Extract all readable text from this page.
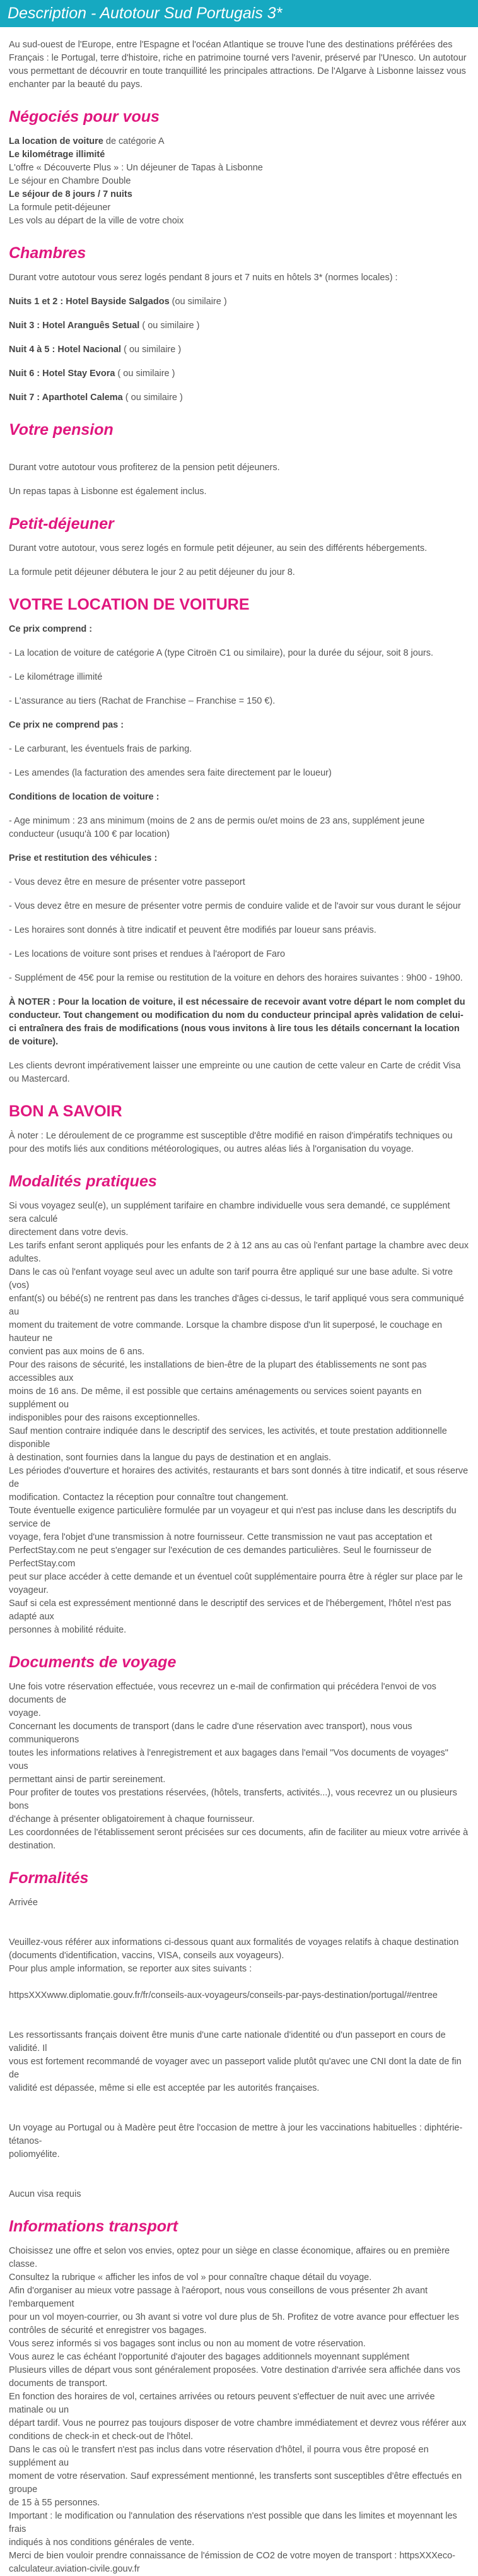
Description - Autotour Sud Portugais 3*

Au sud-ouest de l'Europe, entre l'Espagne et l'océan Atlantique se trouve l'une des destinations préférées des Français : le Portugal, terre d'histoire, riche en patrimoine tourné vers l'avenir, préservé par l'Unesco. Un autotour vous permettant de découvrir en toute tranquillité les principales attractions. De l'Algarve à Lisbonne laissez vous enchanter par la beauté du pays.

Négociés pour vous
La location de voiture de catégorie A
Le kilométrage illimité
L'offre « Découverte Plus » : Un déjeuner de Tapas à Lisbonne
Le séjour en Chambre Double
Le séjour de 8 jours / 7 nuits
La formule petit-déjeuner
Les vols au départ de la ville de votre choix
Chambres

Durant votre autotour vous serez logés pendant 8 jours et 7 nuits en hôtels 3* (normes locales) :

Nuits 1 et 2 : Hotel Bayside Salgados (ou similaire )

Nuit 3 : Hotel Aranguês Setual ( ou similaire )

Nuit 4 à 5 : Hotel Nacional ( ou similaire )

Nuit 6 : Hotel Stay Evora ( ou similaire )

Nuit 7 : Aparthotel Calema ( ou similaire )

Votre pension

Durant votre autotour vous profiterez de la pension petit déjeuners.

Un repas tapas à Lisbonne est également inclus.

Petit-déjeuner

Durant votre autotour, vous serez logés en formule petit déjeuner, au sein des différents hébergements.

La formule petit déjeuner débutera le jour 2 au petit déjeuner du jour 8.

VOTRE LOCATION DE VOITURE

Ce prix comprend :

- La location de voiture de catégorie A (type Citroën C1 ou similaire), pour la durée du séjour, soit 8 jours.

- Le kilométrage illimité

- L'assurance au tiers (Rachat de Franchise – Franchise = 150 €).

Ce prix ne comprend pas :

- Le carburant, les éventuels frais de parking.

- Les amendes (la facturation des amendes sera faite directement par le loueur)

Conditions de location de voiture :

- Age minimum : 23 ans minimum (moins de 2 ans de permis ou/et moins de 23 ans, supplément jeune conducteur (usuqu'à 100 € par location)

Prise et restitution des véhicules :

- Vous devez être en mesure de présenter votre passeport

- Vous devez être en mesure de présenter votre permis de conduire valide et de l'avoir sur vous durant le séjour

- Les horaires sont donnés à titre indicatif et peuvent être modifiés par loueur sans préavis.

- Les locations de voiture sont prises et rendues à l'aéroport de Faro

- Supplément de 45€ pour la remise ou restitution de la voiture en dehors des horaires suivantes : 9h00 - 19h00.

À NOTER : Pour la location de voiture, il est nécessaire de recevoir avant votre départ le nom complet du conducteur. Tout changement ou modification du nom du conducteur principal après validation de celui-ci entraînera des frais de modifications (nous vous invitons à lire tous les détails concernant la location de voiture).

Les clients devront impérativement laisser une empreinte ou une caution de cette valeur en Carte de crédit Visa ou Mastercard.

BON A SAVOIR

À noter : Le déroulement de ce programme est susceptible d'être modifié en raison d'impératifs techniques ou pour des motifs liés aux conditions météorologiques, ou autres aléas liés à l'organisation du voyage.

Modalités pratiques
Si vous voyagez seul(e), un supplément tarifaire en chambre individuelle vous sera demandé, ce supplément sera calculé
directement dans votre devis.
Les tarifs enfant seront appliqués pour les enfants de 2 à 12 ans au cas où l'enfant partage la chambre avec deux adultes.
Dans le cas où l'enfant voyage seul avec un adulte son tarif pourra être appliqué sur une base adulte. Si votre (vos)
enfant(s) ou bébé(s) ne rentrent pas dans les tranches d'âges ci-dessus, le tarif appliqué vous sera communiqué au
moment du traitement de votre commande. Lorsque la chambre dispose d'un lit superposé, le couchage en hauteur ne
convient pas aux moins de 6 ans.
Pour des raisons de sécurité, les installations de bien-être de la plupart des établissements ne sont pas accessibles aux
moins de 16 ans. De même, il est possible que certains aménagements ou services soient payants en supplément ou
indisponibles pour des raisons exceptionnelles.
Sauf mention contraire indiquée dans le descriptif des services, les activités, et toute prestation additionnelle disponible
à destination, sont fournies dans la langue du pays de destination et en anglais.
Les périodes d'ouverture et horaires des activités, restaurants et bars sont donnés à titre indicatif, et sous réserve de
modification. Contactez la réception pour connaître tout changement.
Toute éventuelle exigence particulière formulée par un voyageur et qui n'est pas incluse dans les descriptifs du service de
voyage, fera l'objet d'une transmission à notre fournisseur. Cette transmission ne vaut pas acceptation et
PerfectStay.com ne peut s'engager sur l'exécution de ces demandes particulières. Seul le fournisseur de PerfectStay.com
peut sur place accéder à cette demande et un éventuel coût supplémentaire pourra être à régler sur place par le
voyageur.
Sauf si cela est expressément mentionné dans le descriptif des services et de l'hébergement, l'hôtel n'est pas adapté aux
personnes à mobilité réduite.
Documents de voyage
Une fois votre réservation effectuée, vous recevrez un e-mail de confirmation qui précédera l'envoi de vos documents de
voyage.
Concernant les documents de transport (dans le cadre d'une réservation avec transport), nous vous communiquerons
toutes les informations relatives à l'enregistrement et aux bagages dans l'email "Vos documents de voyages" vous
permettant ainsi de partir sereinement.
Pour profiter de toutes vos prestations réservées, (hôtels, transferts, activités...), vous recevrez un ou plusieurs bons
d'échange à présenter obligatoirement à chaque fournisseur.
Les coordonnées de l'établissement seront précisées sur ces documents, afin de faciliter au mieux votre arrivée à
destination.
Formalités

Arrivée

Veuillez-vous référer aux informations ci-dessous quant aux formalités de voyages relatifs à chaque destination
(documents d'identification, vaccins, VISA, conseils aux voyageurs).
Pour plus ample information, se reporter aux sites suivants :

httpsXXXwww.diplomatie.gouv.fr/fr/conseils-aux-voyageurs/conseils-par-pays-destination/portugal/#entree

Les ressortissants français doivent être munis d'une carte nationale d'identité ou d'un passeport en cours de validité. Il
vous est fortement recommandé de voyager avec un passeport valide plutôt qu'avec une CNI dont la date de fin de
validité est dépassée, même si elle est acceptée par les autorités françaises.
Un voyage au Portugal ou à Madère peut être l'occasion de mettre à jour les vaccinations habituelles : diphtérie-tétanos-
poliomyélite.

Aucun visa requis

Informations transport
Choisissez une offre et selon vos envies, optez pour un siège en classe économique, affaires ou en première classe.
Consultez la rubrique « afficher les infos de vol » pour connaître chaque détail du voyage.
Afin d'organiser au mieux votre passage à l'aéroport, nous vous conseillons de vous présenter 2h avant l'embarquement
pour un vol moyen-courrier, ou 3h avant si votre vol dure plus de 5h. Profitez de votre avance pour effectuer les
contrôles de sécurité et enregistrer vos bagages.
Vous serez informés si vos bagages sont inclus ou non au moment de votre réservation.
Vous aurez le cas échéant l'opportunité d'ajouter des bagages additionnels moyennant supplément
Plusieurs villes de départ vous sont généralement proposées. Votre destination d'arrivée sera affichée dans vos
documents de transport.
En fonction des horaires de vol, certaines arrivées ou retours peuvent s'effectuer de nuit avec une arrivée matinale ou un
départ tardif. Vous ne pourrez pas toujours disposer de votre chambre immédiatement et devrez vous référer aux
conditions de check-in et check-out de l'hôtel.
Dans le cas où le transfert n'est pas inclus dans votre réservation d'hôtel, il pourra vous être proposé en supplément au
moment de votre réservation. Sauf expressément mentionné, les transferts sont susceptibles d'être effectués en groupe
de 15 à 55 personnes.
Important : le modification ou l'annulation des réservations n'est possible que dans les limites et moyennant les frais
indiqués à nos conditions générales de vente.
Merci de bien vouloir prendre connaissance de l'émission de CO2 de votre moyen de transport : httpsXXXeco-
calculateur.aviation-civile.gouv.fr
